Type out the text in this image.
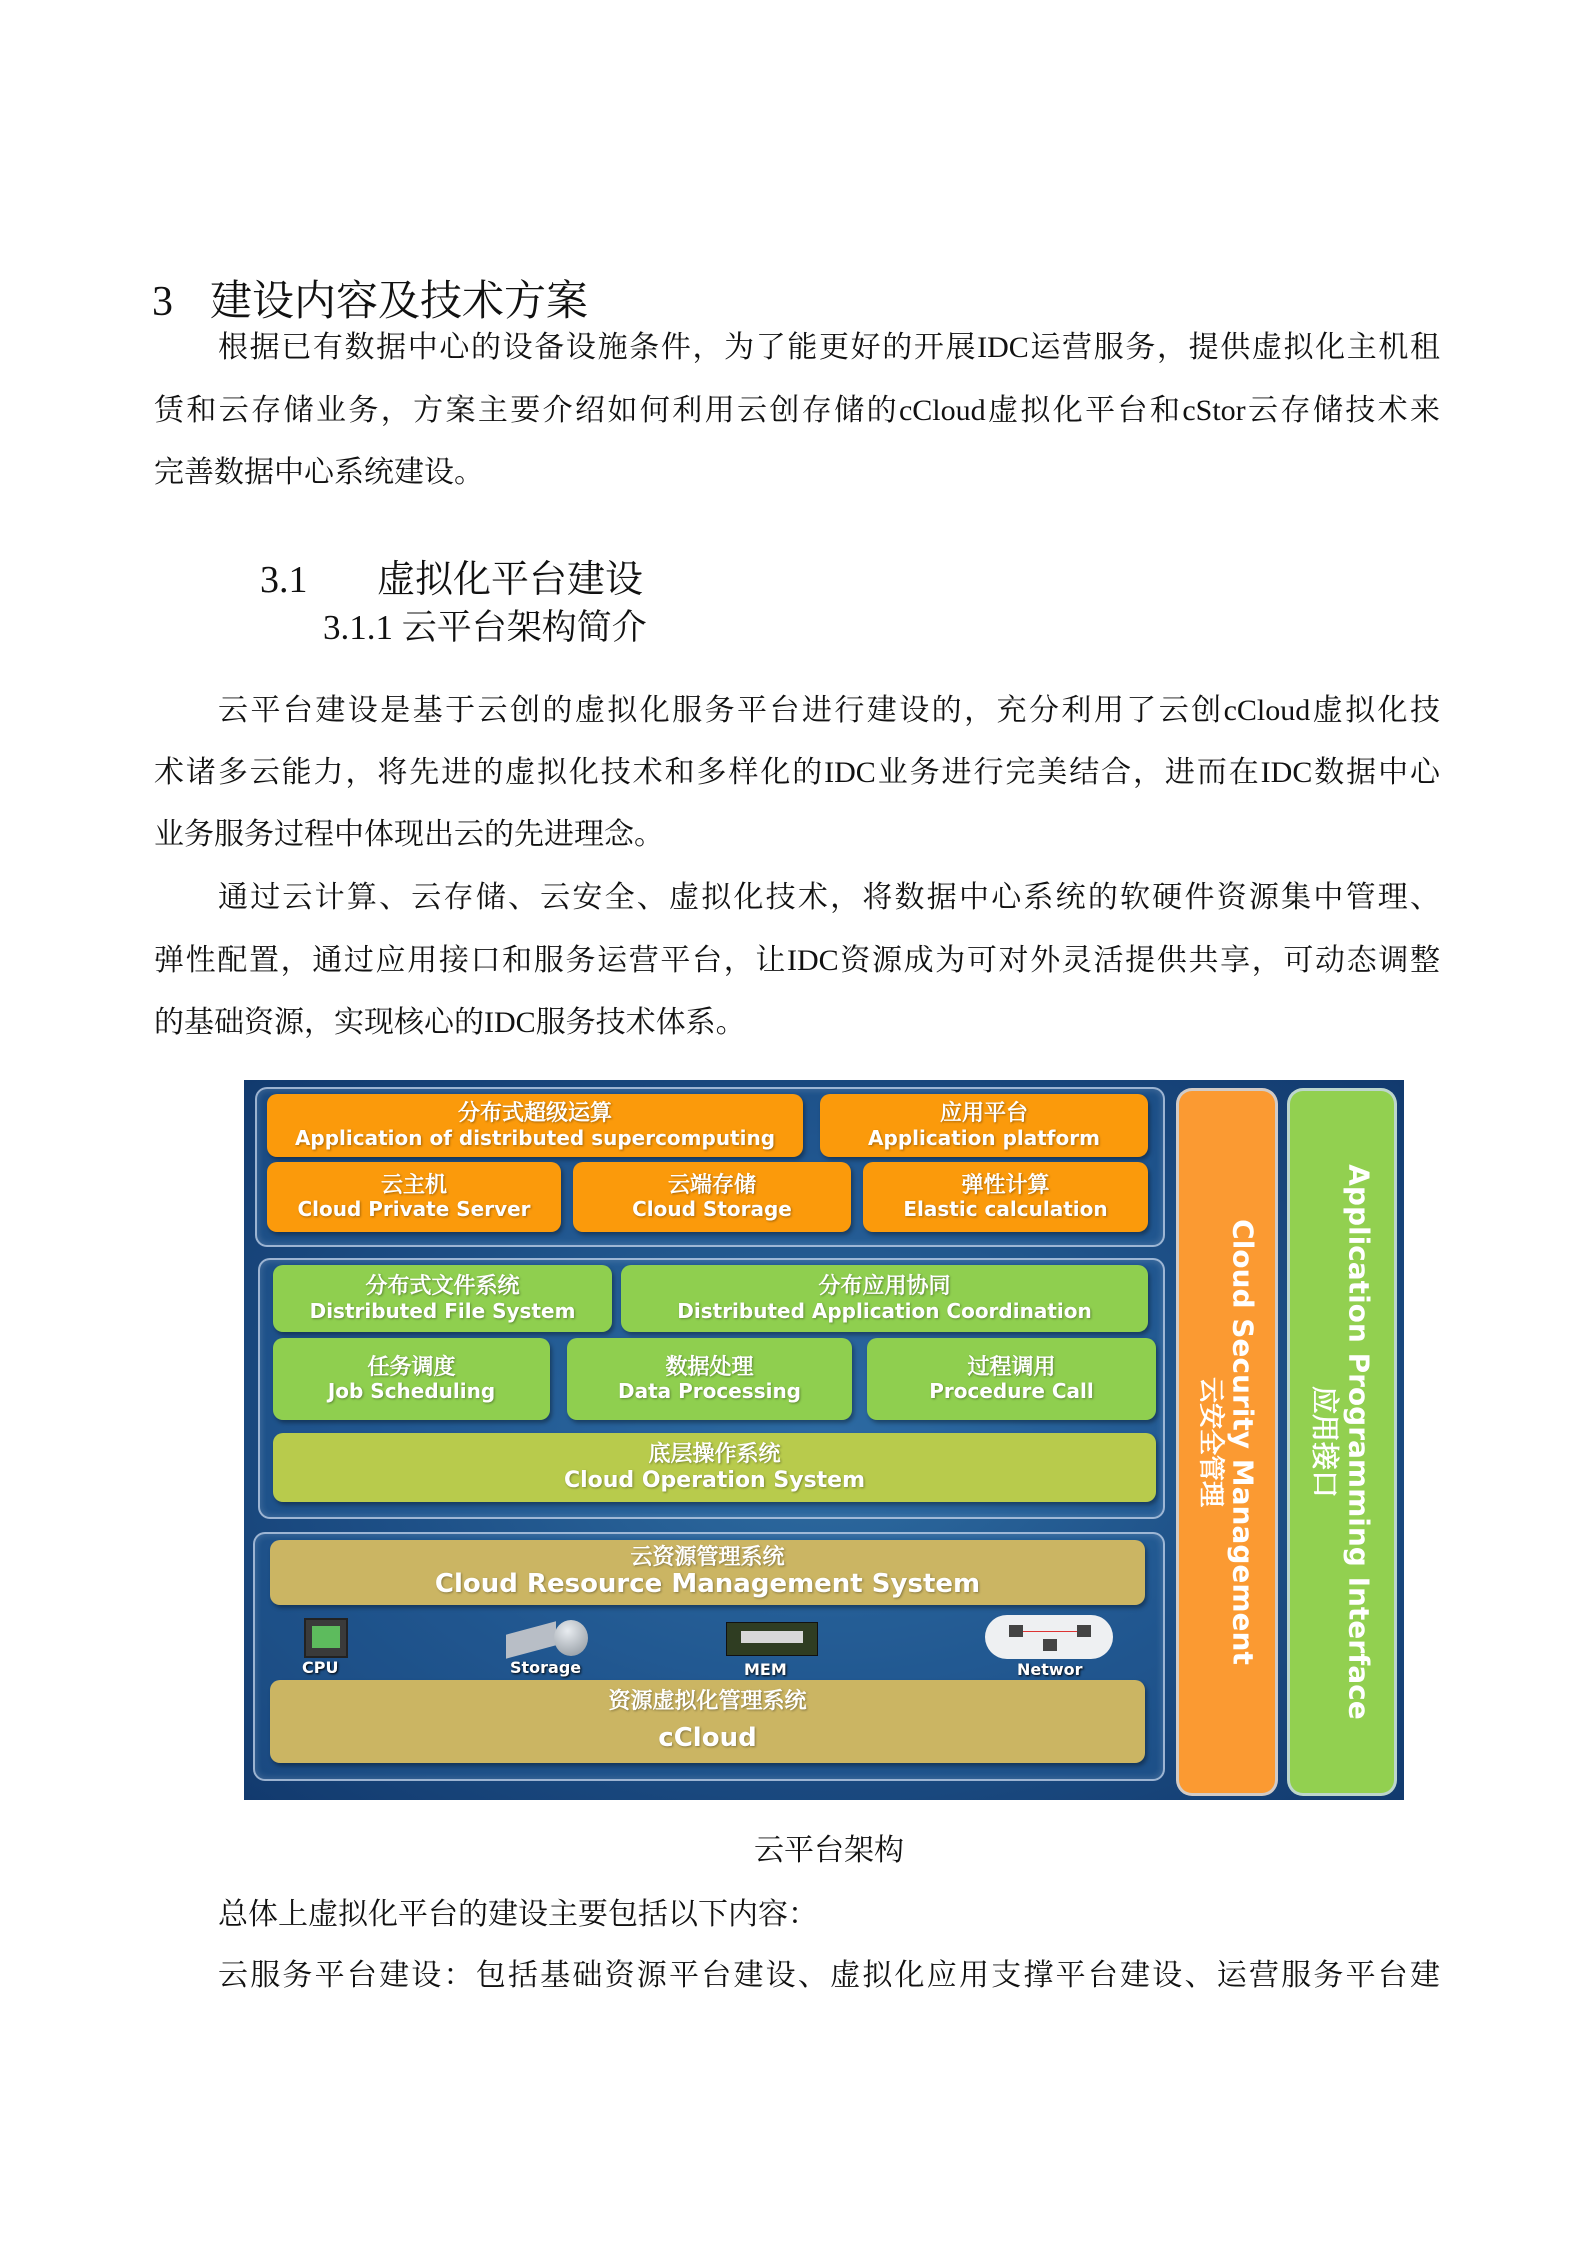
3 建设内容及技术方案
根据已有数据中心的设备设施条件，为了能更好的开展IDC运营服务，提供虚拟化主机租
赁和云存储业务，方案主要介绍如何利用云创存储的cCloud虚拟化平台和cStor云存储技术来
完善数据中心系统建设。
3.1 虚拟化平台建设
3.1.1 云平台架构简介
云平台建设是基于云创的虚拟化服务平台进行建设的，充分利用了云创cCloud虚拟化技
术诸多云能力，将先进的虚拟化技术和多样化的IDC业务进行完美结合，进而在IDC数据中心
业务服务过程中体现出云的先进理念。
通过云计算、云存储、云安全、虚拟化技术，将数据中心系统的软硬件资源集中管理、
弹性配置，通过应用接口和服务运营平台，让IDC资源成为可对外灵活提供共享，可动态调整
的基础资源，实现核心的IDC服务技术体系。
分布式超级运算
Application of distributed supercomputing
应用平台
Application platform
云主机
Cloud Private Server
云端存储
Cloud Storage
弹性计算
Elastic calculation
分布式文件系统
Distributed File System
分布应用协同
Distributed Application Coordination
任务调度
Job Scheduling
数据处理
Data Processing
过程调用
Procedure Call
底层操作系统
Cloud Operation System
云资源管理系统
Cloud Resource Management System
CPU	Storage	MEM	Networ
资源虚拟化管理系统
cCloud
Cloud Security Management
云安全管理	Application Programming Interface
应用接口
云平台架构
总体上虚拟化平台的建设主要包括以下内容：
云服务平台建设：包括基础资源平台建设、虚拟化应用支撑平台建设、运营服务平台建
